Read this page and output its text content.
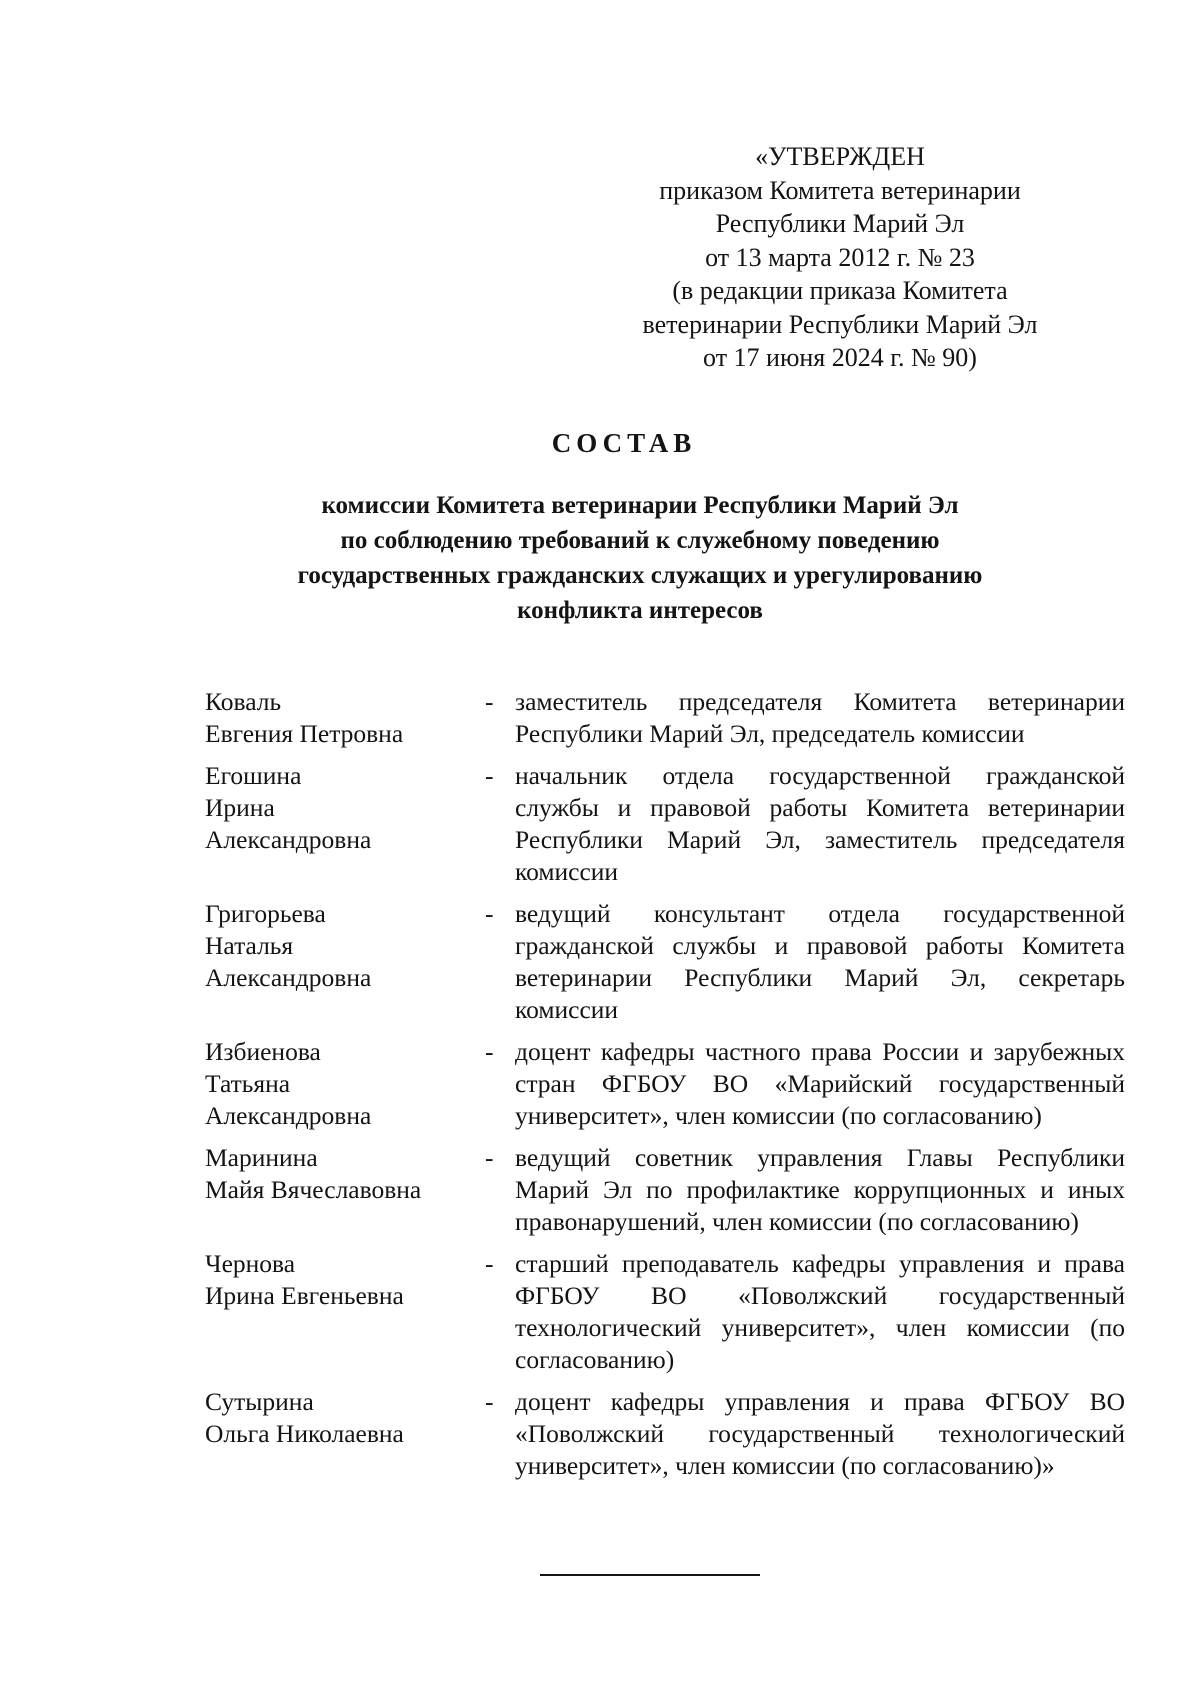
«УТВЕРЖДЕН
приказом Комитета ветеринарии
Республики Марий Эл
от 13 марта 2012 г. № 23
(в редакции приказа Комитета
ветеринарии Республики Марий Эл
от 17 июня 2024 г. № 90)
СОСТАВ
комиссии Комитета ветеринарии Республики Марий Эл
по соблюдению требований к служебному поведению
государственных гражданских служащих и урегулированию
конфликта интересов
Коваль
Евгения Петровна
- заместитель председателя Комитета ветеринарии Республики Марий Эл, председатель комиссии
Егошина
Ирина
Александровна
- начальник отдела государственной гражданской службы и правовой работы Комитета ветеринарии Республики Марий Эл, заместитель председателя комиссии
Григорьева
Наталья
Александровна
- ведущий консультант отдела государственной гражданской службы и правовой работы Комитета ветеринарии Республики Марий Эл, секретарь комиссии
Избиенова
Татьяна
Александровна
- доцент кафедры частного права России и зарубежных стран ФГБОУ ВО «Марийский государственный университет», член комиссии (по согласованию)
Маринина
Майя Вячеславовна
- ведущий советник управления Главы Республики Марий Эл по профилактике коррупционных и иных правонарушений, член комиссии (по согласованию)
Чернова
Ирина Евгеньевна
- старший преподаватель кафедры управления и права ФГБОУ ВО «Поволжский государственный технологический университет», член комиссии (по согласованию)
Сутырина
Ольга Николаевна
- доцент кафедры управления и права ФГБОУ ВО «Поволжский государственный технологический университет», член комиссии (по согласованию)»
